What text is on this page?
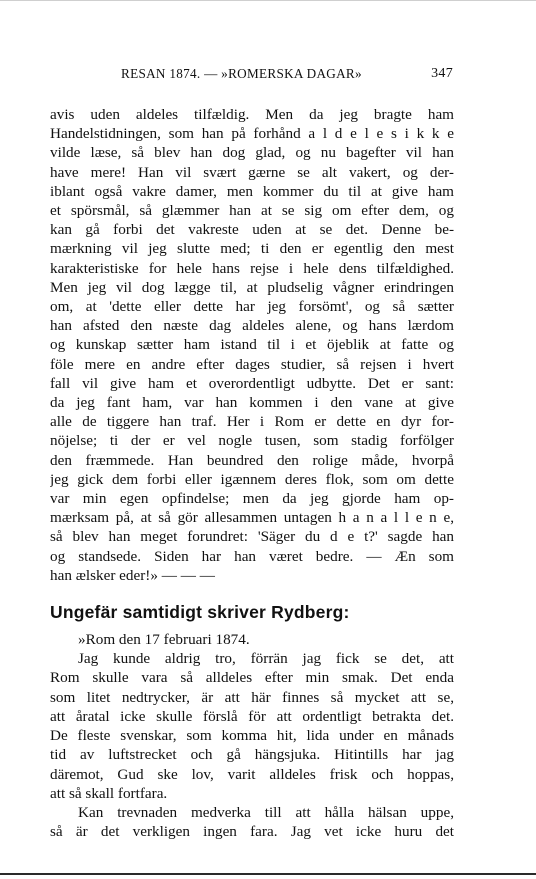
RESAN 1874. — »ROMERSKA DAGAR»	347
avis uden aldeles tilfældig. Men da jeg bragte ham
Handelstidningen, som han på forhånd a l d e l e s i k k e
vilde læse, så blev han dog glad, og nu bagefter vil han
have mere! Han vil svært gærne se alt vakert, og der-
iblant også vakre damer, men kommer du til at give ham
et spörsmål, så glæmmer han at se sig om efter dem, og
kan gå forbi det vakreste uden at se det. Denne be-
mærkning vil jeg slutte med; ti den er egentlig den mest
karakteristiske for hele hans rejse i hele dens tilfældighed.
Men jeg vil dog lægge til, at pludselig vågner erindringen
om, at 'dette eller dette har jeg forsömt', og så sætter
han afsted den næste dag aldeles alene, og hans lærdom
og kunskap sætter ham istand til i et öjeblik at fatte og
föle mere en andre efter dages studier, så rejsen i hvert
fall vil give ham et overordentligt udbytte. Det er sant:
da jeg fant ham, var han kommen i den vane at give
alle de tiggere han traf. Her i Rom er dette en dyr for-
nöjelse; ti der er vel nogle tusen, som stadig forfölger
den fræmmede. Han beundred den rolige måde, hvorpå
jeg gick dem forbi eller igænnem deres flok, som om dette
var min egen opfindelse; men da jeg gjorde ham op-
mærksam på, at så gör allesammen untagen h a n a l l e n e,
så blev han meget forundret: 'Säger du d e t?' sagde han
og standsede. Siden har han været bedre. — Æn som
han ælsker eder!» — — —
Ungefär samtidigt skriver Rydberg:
»Rom den 17 februari 1874.
Jag kunde aldrig tro, förrän jag fick se det, att
Rom skulle vara så alldeles efter min smak. Det enda
som litet nedtrycker, är att här finnes så mycket att se,
att åratal icke skulle förslå för att ordentligt betrakta det.
De fleste svenskar, som komma hit, lida under en månads
tid av luftstrecket och gå hängsjuka. Hitintills har jag
däremot, Gud ske lov, varit alldeles frisk och hoppas,
att så skall fortfara.
Kan trevnaden medverka till att hålla hälsan uppe,
så är det verkligen ingen fara. Jag vet icke huru det
